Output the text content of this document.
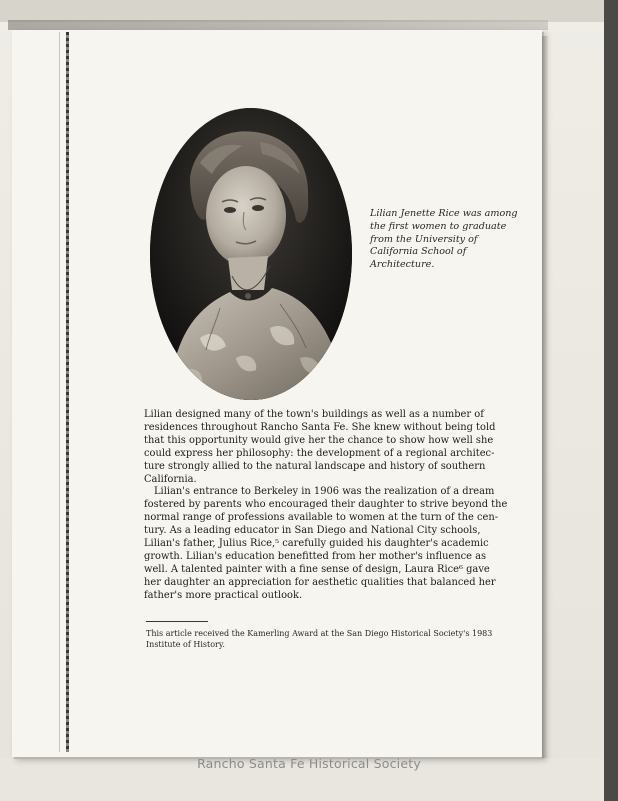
Lilian Jenette Rice was among
the first women to graduate
from the University of
California School of
Architecture.

Lilian designed many of the town's buildings as well as a number of
residences throughout Rancho Santa Fe. She knew without being told
that this opportunity would give her the chance to show how well she
could express her philosophy: the development of a regional architec-
ture strongly allied to the natural landscape and history of southern
California.

Lilian's entrance to Berkeley in 1906 was the realization of a dream
fostered by parents who encouraged their daughter to strive beyond the
normal range of professions available to women at the turn of the cen-
tury. As a leading educator in San Diego and National City schools,
Lilian's father, Julius Rice,⁵ carefully guided his daughter's academic
growth. Lilian's education benefitted from her mother's influence as
well. A talented painter with a fine sense of design, Laura Rice⁶ gave
her daughter an appreciation for aesthetic qualities that balanced her
father's more practical outlook.

This article received the Kamerling Award at the San Diego Historical Society's 1983
Institute of History.
Rancho Santa Fe Historical Society
